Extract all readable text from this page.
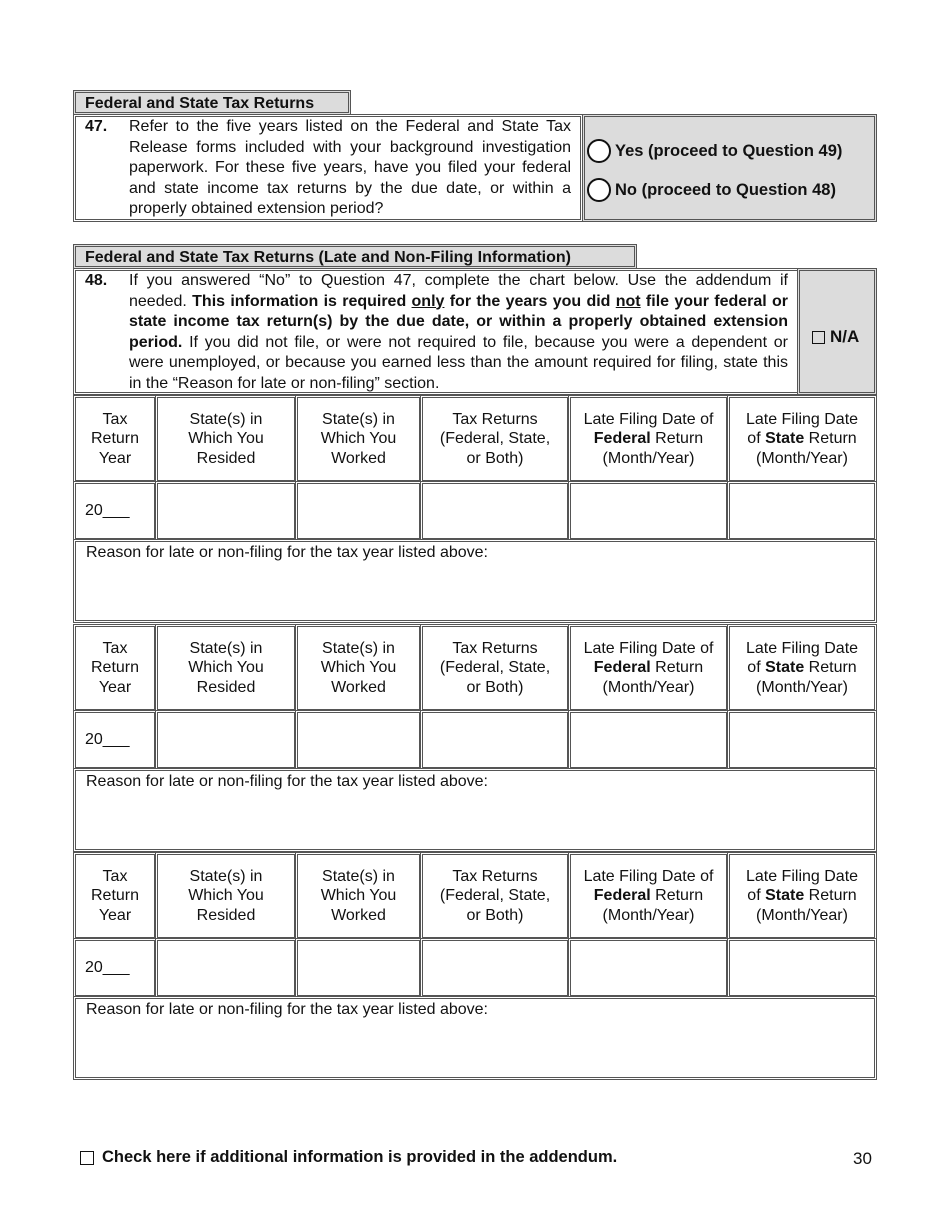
Federal and State Tax Returns
47. Refer to the five years listed on the Federal and State Tax Release forms included with your background investigation paperwork. For these five years, have you filed your federal and state income tax returns by the due date, or within a properly obtained extension period?
Yes (proceed to Question 49)
No (proceed to Question 48)
Federal and State Tax Returns (Late and Non-Filing Information)
48. If you answered “No” to Question 47, complete the chart below. Use the addendum if needed. This information is required only for the years you did not file your federal or state income tax return(s) by the due date, or within a properly obtained extension period. If you did not file, or were not required to file, because you were a dependent or were unemployed, or because you earned less than the amount required for filing, state this in the “Reason for late or non-filing” section.
N/A
Tax
Return
Year
20___
State(s) in
Which You
Resided
State(s) in
Which You
Worked
Tax Returns
(Federal, State,
or Both)
Late Filing Date of
Federal Return
(Month/Year)
Late Filing Date
of State Return
(Month/Year)
Reason for late or non-filing for the tax year listed above:
Tax
Return
Year
20___
State(s) in
Which You
Resided
State(s) in
Which You
Worked
Tax Returns
(Federal, State,
or Both)
Late Filing Date of
Federal Return
(Month/Year)
Late Filing Date
of State Return
(Month/Year)
Reason for late or non-filing for the tax year listed above:
Tax
Return
Year
20___
State(s) in
Which You
Resided
State(s) in
Which You
Worked
Tax Returns
(Federal, State,
or Both)
Late Filing Date of
Federal Return
(Month/Year)
Late Filing Date
of State Return
(Month/Year)
Reason for late or non-filing for the tax year listed above:
Check here if additional information is provided in the addendum.	30
